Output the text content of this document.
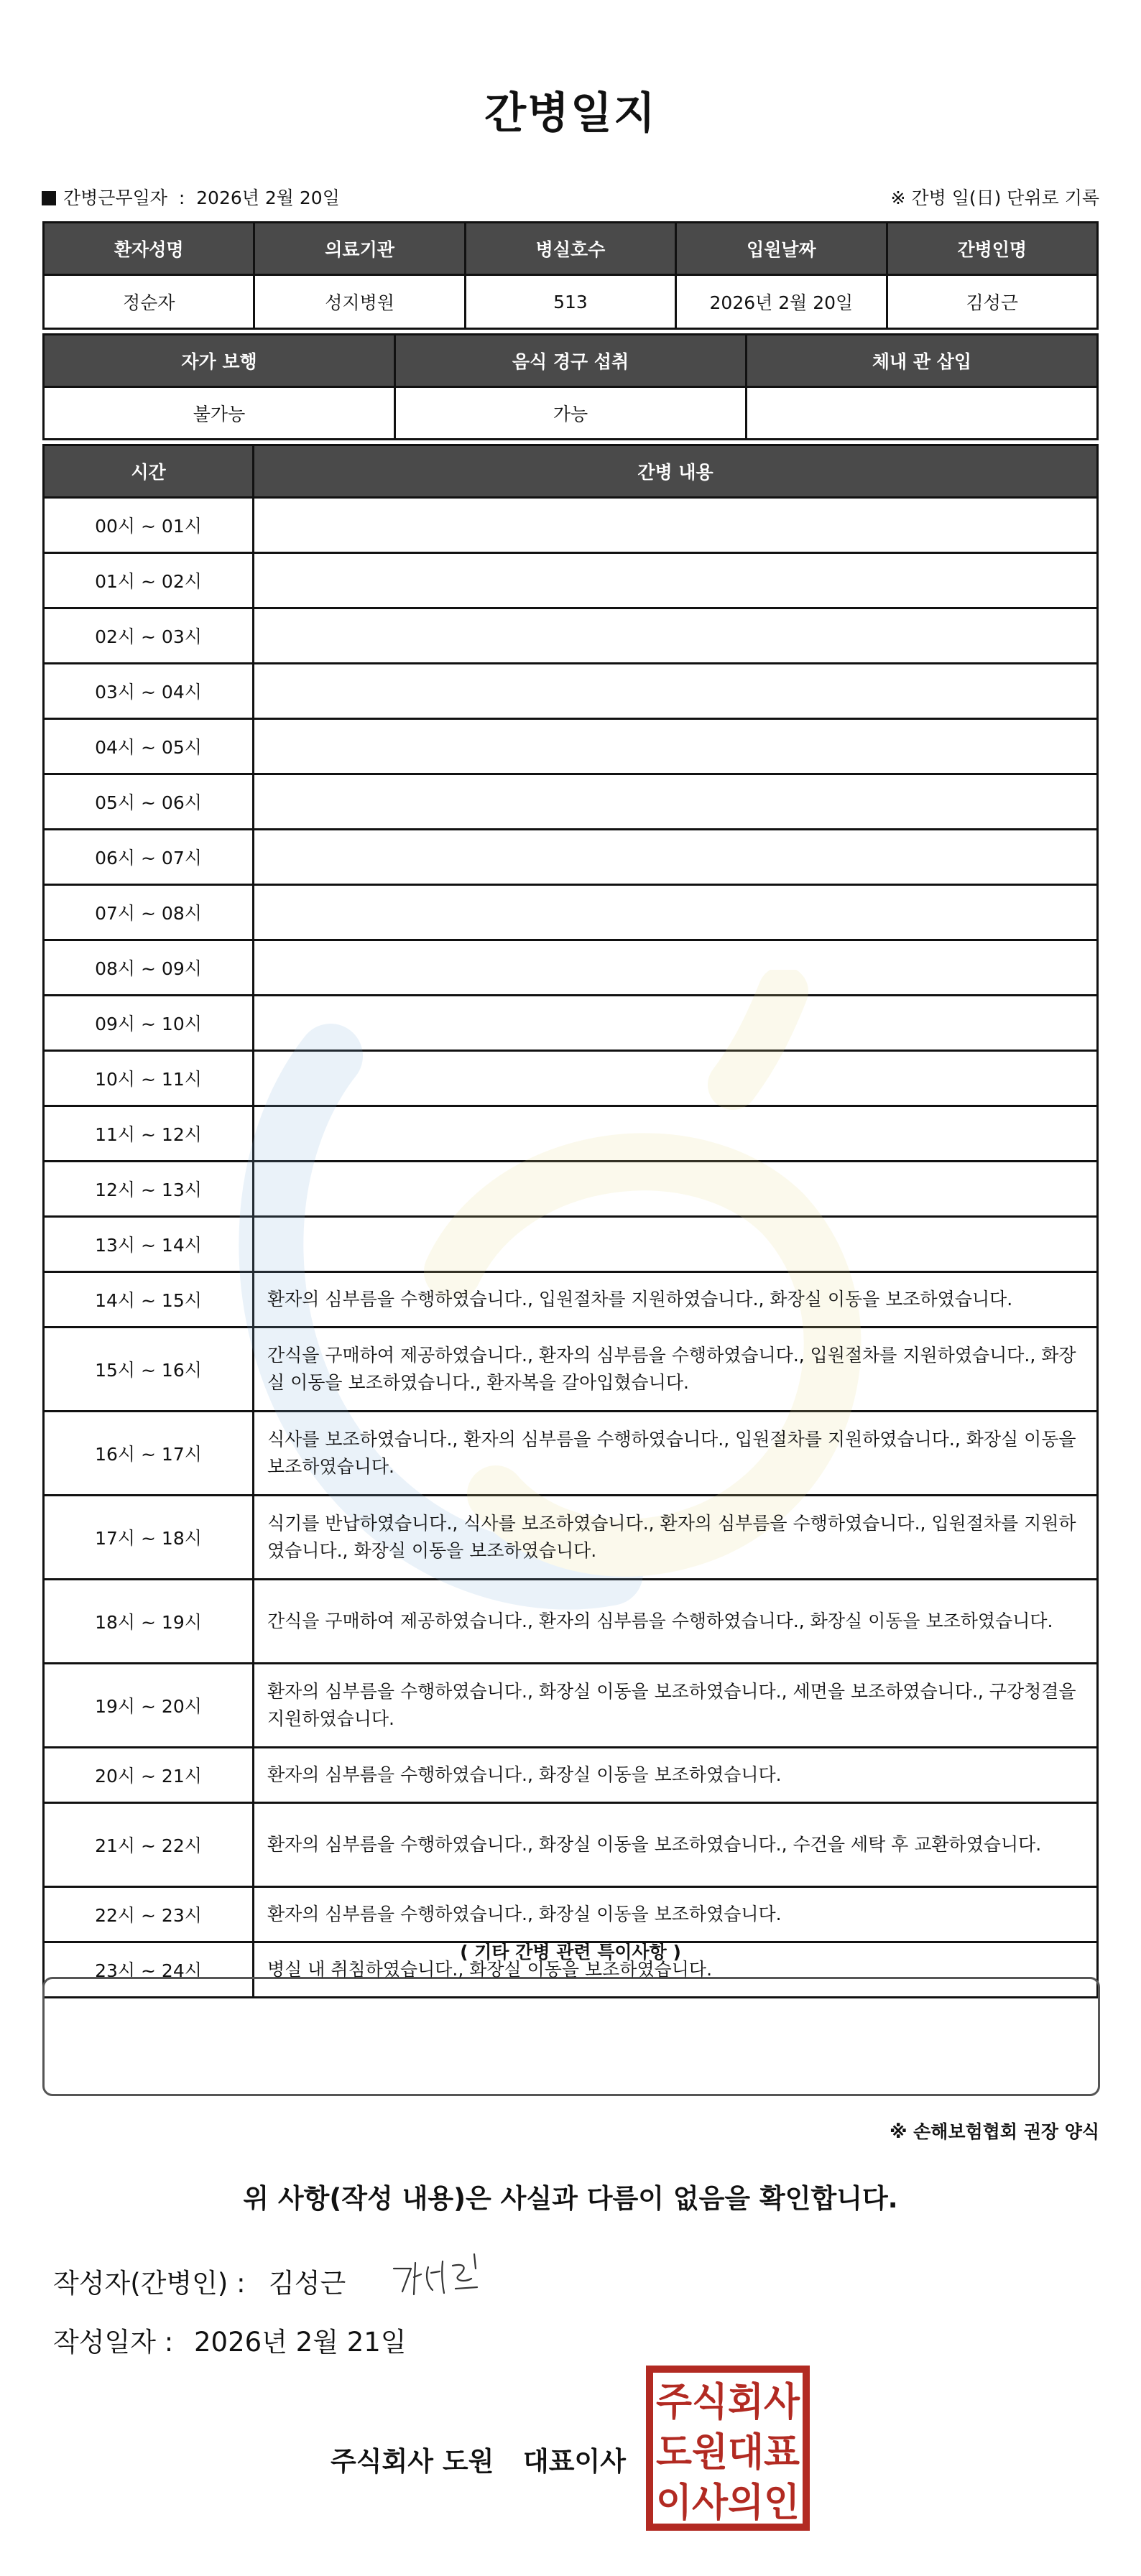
간병일지
간병근무일자 : 2026년 2월 20일	※ 간병 일(日) 단위로 기록
환자성명	의료기관	병실호수	입원날짜	간병인명
정순자	성지병원	513	2026년 2월 20일	김성근
자가 보행	음식 경구 섭취	체내 관 삽입
불가능	가능	
시간	간병 내용
00시 ~ 01시	
01시 ~ 02시	
02시 ~ 03시	
03시 ~ 04시	
04시 ~ 05시	
05시 ~ 06시	
06시 ~ 07시	
07시 ~ 08시	
08시 ~ 09시	
09시 ~ 10시	
10시 ~ 11시	
11시 ~ 12시	
12시 ~ 13시	
13시 ~ 14시	
14시 ~ 15시	환자의 심부름을 수행하였습니다., 입원절차를 지원하였습니다., 화장실 이동을 보조하였습니다.
15시 ~ 16시	간식을 구매하여 제공하였습니다., 환자의 심부름을 수행하였습니다., 입원절차를 지원하였습니다., 화장실 이동을 보조하였습니다., 환자복을 갈아입혔습니다.
16시 ~ 17시	식사를 보조하였습니다., 환자의 심부름을 수행하였습니다., 입원절차를 지원하였습니다., 화장실 이동을 보조하였습니다.
17시 ~ 18시	식기를 반납하였습니다., 식사를 보조하였습니다., 환자의 심부름을 수행하였습니다., 입원절차를 지원하였습니다., 화장실 이동을 보조하였습니다.
18시 ~ 19시	간식을 구매하여 제공하였습니다., 환자의 심부름을 수행하였습니다., 화장실 이동을 보조하였습니다.
19시 ~ 20시	환자의 심부름을 수행하였습니다., 화장실 이동을 보조하였습니다., 세면을 보조하였습니다., 구강청결을 지원하였습니다.
20시 ~ 21시	환자의 심부름을 수행하였습니다., 화장실 이동을 보조하였습니다.
21시 ~ 22시	환자의 심부름을 수행하였습니다., 화장실 이동을 보조하였습니다., 수건을 세탁 후 교환하였습니다.
22시 ~ 23시	환자의 심부름을 수행하였습니다., 화장실 이동을 보조하였습니다.
23시 ~ 24시	병실 내 취침하였습니다., 화장실 이동을 보조하였습니다.
( 기타 간병 관련 특이사항 )
※ 손해보험협회 권장 양식
위 사항(작성 내용)은 사실과 다름이 없음을 확인합니다.
작성자(간병인) : 김성근
작성일자 : 2026년 2월 21일
주식회사 도원 대표이사
주식회사
도원대표
이사의인
